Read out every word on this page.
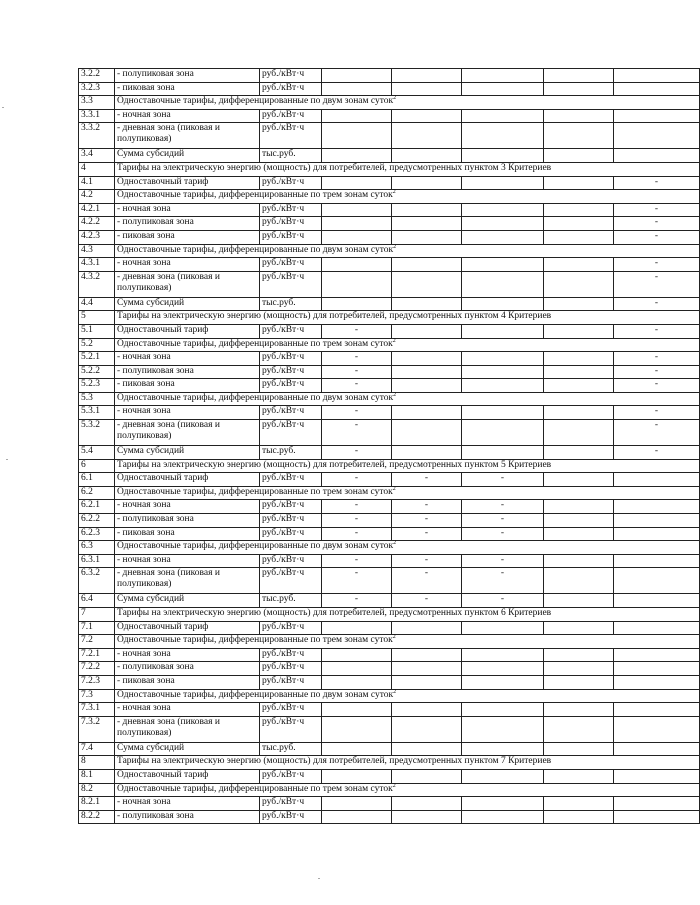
3.2.2	- полупиковая зона	руб./кВт·ч					
3.2.3	- пиковая зона	руб./кВт·ч					
3.3	Одноставочные тарифы, дифференцированные по двум зонам суток$^2$
3.3.1	- ночная зона	руб./кВт·ч					
3.3.2	- дневная зона (пиковая и полупиковая)	руб./кВт·ч					
3.4	Сумма субсидий	тыс.руб.					
4	Тарифы на электрическую энергию (мощность) для потребителей, предусмотренных пунктом 3 Критериев						
4.1	Одноставочный тариф	руб./кВт·ч					-
4.2	Одноставочные тарифы, дифференцированные по трем зонам суток$^2$
4.2.1	- ночная зона	руб./кВт·ч					-
4.2.2	- полупиковая зона	руб./кВт·ч					-
4.2.3	- пиковая зона	руб./кВт·ч					-
4.3	Одноставочные тарифы, дифференцированные по двум зонам суток$^2$
4.3.1	- ночная зона	руб./кВт·ч					-
4.3.2	- дневная зона (пиковая и полупиковая)	руб./кВт·ч					-
4.4	Сумма субсидий	тыс.руб.					-
5	Тарифы на электрическую энергию (мощность) для потребителей, предусмотренных пунктом 4 Критериев						
5.1	Одноставочный тариф	руб./кВт·ч	-				-
5.2	Одноставочные тарифы, дифференцированные по трем зонам суток$^2$
5.2.1	- ночная зона	руб./кВт·ч	-				-
5.2.2	- полупиковая зона	руб./кВт·ч	-				-
5.2.3	- пиковая зона	руб./кВт·ч	-				-
5.3	Одноставочные тарифы, дифференцированные по двум зонам суток$^2$
5.3.1	- ночная зона	руб./кВт·ч	-				-
5.3.2	- дневная зона (пиковая и полупиковая)	руб./кВт·ч	-				-
5.4	Сумма субсидий	тыс.руб.	-				-
6	Тарифы на электрическую энергию (мощность) для потребителей, предусмотренных пунктом 5 Критериев						
6.1	Одноставочный тариф	руб./кВт·ч	-	-	-		
6.2	Одноставочные тарифы, дифференцированные по трем зонам суток$^2$
6.2.1	- ночная зона	руб./кВт·ч	-	-	-		
6.2.2	- полупиковая зона	руб./кВт·ч	-	-	-		
6.2.3	- пиковая зона	руб./кВт·ч	-	-	-		
6.3	Одноставочные тарифы, дифференцированные по двум зонам суток$^2$
6.3.1	- ночная зона	руб./кВт·ч	-	-	-		
6.3.2	- дневная зона (пиковая и полупиковая)	руб./кВт·ч	-	-	-		
6.4	Сумма субсидий	тыс.руб.	-	-	-		
7	Тарифы на электрическую энергию (мощность) для потребителей, предусмотренных пунктом 6 Критериев						
7.1	Одноставочный тариф	руб./кВт·ч					
7.2	Одноставочные тарифы, дифференцированные по трем зонам суток$^2$
7.2.1	- ночная зона	руб./кВт·ч					
7.2.2	- полупиковая зона	руб./кВт·ч					
7.2.3	- пиковая зона	руб./кВт·ч					
7.3	Одноставочные тарифы, дифференцированные по двум зонам суток$^2$
7.3.1	- ночная зона	руб./кВт·ч					
7.3.2	- дневная зона (пиковая и полупиковая)	руб./кВт·ч					
7.4	Сумма субсидий	тыс.руб.					
8	Тарифы на электрическую энергию (мощность) для потребителей, предусмотренных пунктом 7 Критериев						
8.1	Одноставочный тариф	руб./кВт·ч					
8.2	Одноставочные тарифы, дифференцированные по трем зонам суток$^2$
8.2.1	- ночная зона	руб./кВт·ч					
8.2.2	- полупиковая зона	руб./кВт·ч					
